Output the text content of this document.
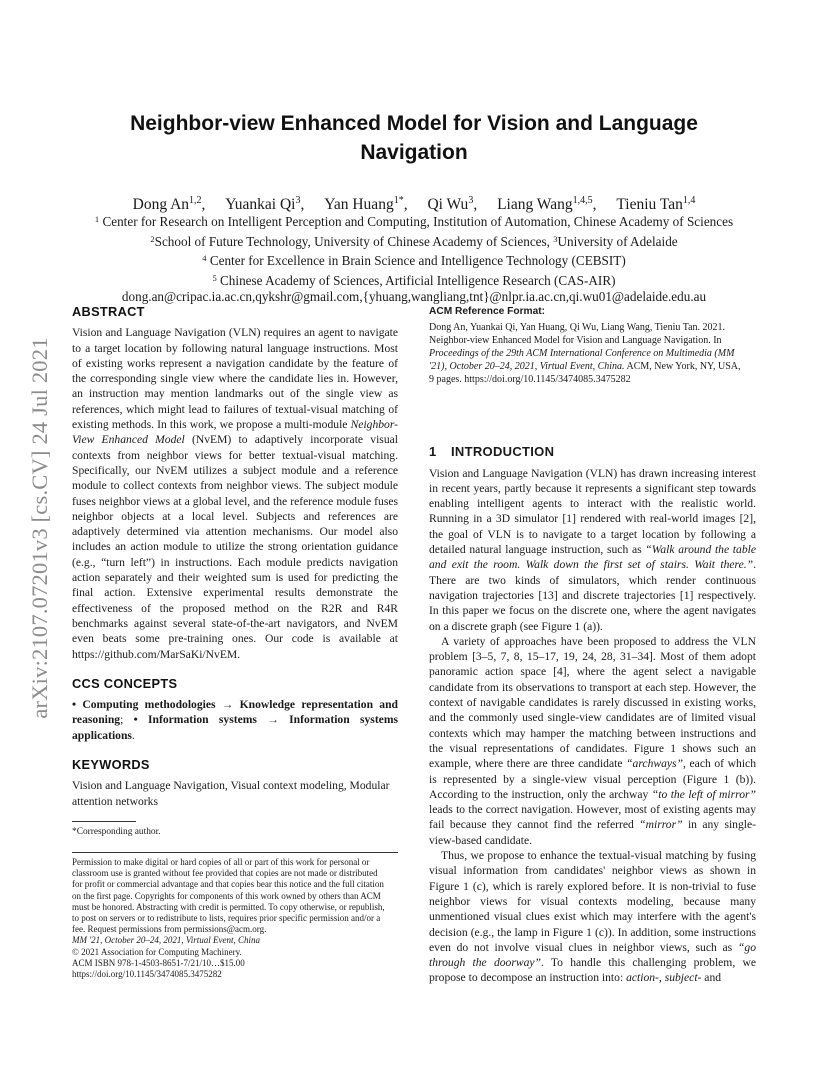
arXiv:2107.07201v3 [cs.CV] 24 Jul 2021
Neighbor-view Enhanced Model for Vision and Language
Navigation
Dong An$^{1,2}$, Yuankai Qi$^3$, Yan Huang$^{1*}$, Qi Wu$^3$, Liang Wang$^{1,4,5}$, Tieniu Tan$^{1,4}$
$^1$ Center for Research on Intelligent Perception and Computing, Institution of Automation, Chinese Academy of Sciences
$^2$School of Future Technology, University of Chinese Academy of Sciences, $^3$University of Adelaide
$^4$ Center for Excellence in Brain Science and Intelligence Technology (CEBSIT)
$^5$ Chinese Academy of Sciences, Artificial Intelligence Research (CAS-AIR)
dong.an@cripac.ia.ac.cn,qykshr@gmail.com,{yhuang,wangliang,tnt}@nlpr.ia.ac.cn,qi.wu01@adelaide.edu.au
ABSTRACT

Vision and Language Navigation (VLN) requires an agent to navigate to a target location by following natural language instructions. Most of existing works represent a navigation candidate by the feature of the corresponding single view where the candidate lies in. However, an instruction may mention landmarks out of the single view as references, which might lead to failures of textual-visual matching of existing methods. In this work, we propose a multi-module Neighbor-View Enhanced Model (NvEM) to adaptively incorporate visual contexts from neighbor views for better textual-visual matching. Specifically, our NvEM utilizes a subject module and a reference module to collect contexts from neighbor views. The subject module fuses neighbor views at a global level, and the reference module fuses neighbor objects at a local level. Subjects and references are adaptively determined via attention mechanisms. Our model also includes an action module to utilize the strong orientation guidance (e.g., “turn left”) in instructions. Each module predicts navigation action separately and their weighted sum is used for predicting the final action. Extensive experimental results demonstrate the effectiveness of the proposed method on the R2R and R4R benchmarks against several state-of-the-art navigators, and NvEM even beats some pre-training ones. Our code is available at https://github.com/MarSaKi/NvEM.

CCS CONCEPTS

• Computing methodologies → Knowledge representation and reasoning; • Information systems → Information systems applications.

KEYWORDS

Vision and Language Navigation, Visual context modeling, Modular attention networks

*Corresponding author.

Permission to make digital or hard copies of all or part of this work for personal or
classroom use is granted without fee provided that copies are not made or distributed
for profit or commercial advantage and that copies bear this notice and the full citation
on the first page. Copyrights for components of this work owned by others than ACM
must be honored. Abstracting with credit is permitted. To copy otherwise, or republish,
to post on servers or to redistribute to lists, requires prior specific permission and/or a
fee. Request permissions from permissions@acm.org.
MM '21, October 20–24, 2021, Virtual Event, China
© 2021 Association for Computing Machinery.
ACM ISBN 978-1-4503-8651-7/21/10…$15.00
https://doi.org/10.1145/3474085.3475282

ACM Reference Format:

Dong An, Yuankai Qi, Yan Huang, Qi Wu, Liang Wang, Tieniu Tan. 2021.
Neighbor-view Enhanced Model for Vision and Language Navigation. In
Proceedings of the 29th ACM International Conference on Multimedia (MM
'21), October 20–24, 2021, Virtual Event, China. ACM, New York, NY, USA,
9 pages. https://doi.org/10.1145/3474085.3475282

1 INTRODUCTION

Vision and Language Navigation (VLN) has drawn increasing interest in recent years, partly because it represents a significant step towards enabling intelligent agents to interact with the realistic world. Running in a 3D simulator [1] rendered with real-world images [2], the goal of VLN is to navigate to a target location by following a detailed natural language instruction, such as “Walk around the table and exit the room. Walk down the first set of stairs. Wait there.”. There are two kinds of simulators, which render continuous navigation trajectories [13] and discrete trajectories [1] respectively. In this paper we focus on the discrete one, where the agent navigates on a discrete graph (see Figure 1 (a)).

A variety of approaches have been proposed to address the VLN problem [3–5, 7, 8, 15–17, 19, 24, 28, 31–34]. Most of them adopt panoramic action space [4], where the agent select a navigable candidate from its observations to transport at each step. However, the context of navigable candidates is rarely discussed in existing works, and the commonly used single-view candidates are of limited visual contexts which may hamper the matching between instructions and the visual representations of candidates. Figure 1 shows such an example, where there are three candidate “archways”, each of which is represented by a single-view visual perception (Figure 1 (b)). According to the instruction, only the archway “to the left of mirror” leads to the correct navigation. However, most of existing agents may fail because they cannot find the referred “mirror” in any single-view-based candidate.

Thus, we propose to enhance the textual-visual matching by fusing visual information from candidates' neighbor views as shown in Figure 1 (c), which is rarely explored before. It is non-trivial to fuse neighbor views for visual contexts modeling, because many unmentioned visual clues exist which may interfere with the agent's decision (e.g., the lamp in Figure 1 (c)). In addition, some instructions even do not involve visual clues in neighbor views, such as “go through the doorway”. To handle this challenging problem, we propose to decompose an instruction into: action-, subject- and
